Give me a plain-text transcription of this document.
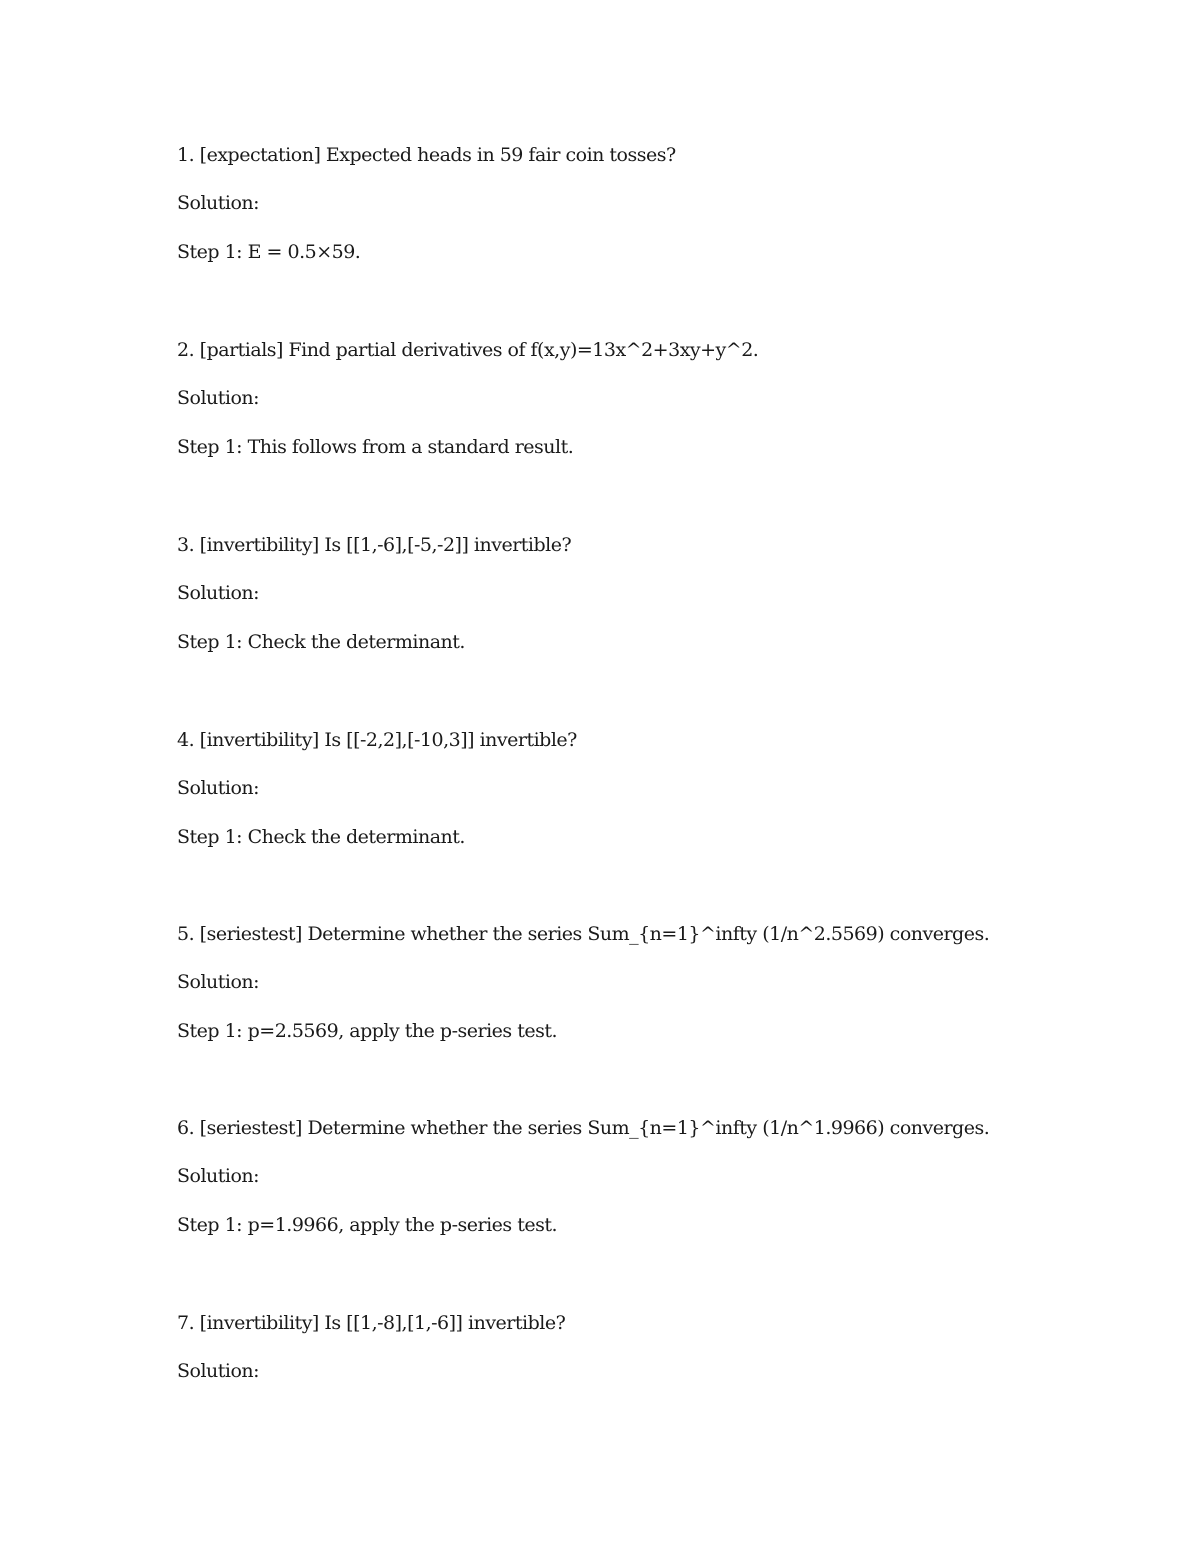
1. [expectation] Expected heads in 59 fair coin tosses?
Solution:
Step 1: E = 0.5×59.
2. [partials] Find partial derivatives of f(x,y)=13x^2+3xy+y^2.
Solution:
Step 1: This follows from a standard result.
3. [invertibility] Is [[1,-6],[-5,-2]] invertible?
Solution:
Step 1: Check the determinant.
4. [invertibility] Is [[-2,2],[-10,3]] invertible?
Solution:
Step 1: Check the determinant.
5. [seriestest] Determine whether the series Sum_{n=1}^infty (1/n^2.5569) converges.
Solution:
Step 1: p=2.5569, apply the p-series test.
6. [seriestest] Determine whether the series Sum_{n=1}^infty (1/n^1.9966) converges.
Solution:
Step 1: p=1.9966, apply the p-series test.
7. [invertibility] Is [[1,-8],[1,-6]] invertible?
Solution:
